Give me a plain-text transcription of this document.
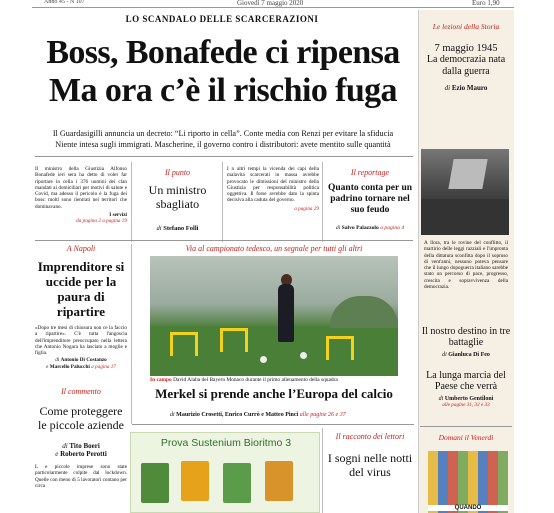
Anno 45 - N 107	Giovedì 7 maggio 2020	Euro 1,90
LO SCANDALO DELLE SCARCERAZIONI
Boss, Bonafede ci ripensa
Ma ora c’è il rischio fuga
Il Guardasigilli annuncia un decreto: “Li riporto in cella”. Conte media con Renzi per evitare la sfiducia
Niente intesa sugli immigrati. Mascherine, il governo contro i distributori: avete mentito sulle quantità
Il ministro della Giustizia Alfonso Bonafede ieri sera ha detto di voler far riportare in cella i 376 uomini dei clan mandati ai domiciliari per motivi di salute e Covid, ma adesso il pericolo è la fuga dei boss: molti sono rientrati nei territori che dominavano.
I servizi
da pagina 2 a pagina 19
Il punto
Un ministro sbagliato
di Stefano Folli
I n altri tempi la vicenda dei capi della malavita scarcerati in massa avrebbe provocato le dimissioni del ministro della Giustizia per responsabilità politica oggettiva. Il forse avrebbe dato la spinta decisiva alla caduta del governo.
a pagina 29
Il reportage
Quanto conta per un padrino tornare nel suo feudo
di Salvo Palazzolo a pagina 4
A Napoli
Imprenditore si uccide per la paura di ripartire
«Dopo tre mesi di chiusura non ce la faccio a ripartire». C'è tutta l'angoscia dell'imprenditore preoccupato nella lettera che Antonio Nogara ha lasciato a moglie e figlia.
di Antonio Di Costanzo
e Marcello Palucchi a pagina 17
Il commento
Come proteggere le piccole aziende
di Tito Boeri
e Roberto Perotti
L e piccole imprese sono state particolarmente colpite dal lockdown. Quelle con meno di 5 lavoratori contano per circa
Via al campionato tedesco, un segnale per tutti gli altri
In campo David Alaba del Bayern Monaco durante il primo allenamento della squadra
Merkel si prende anche l’Europa del calcio
di Maurizio Crosetti, Enrico Currò e Matteo Pinci alle pagine 26 e 37
Prova Sustenium Bioritmo 3
Il racconto dei lettori
I sogni nelle notti del virus
Le lezioni della Storia
7 maggio 1945
La democrazia nata dalla guerra
di Ezio Mauro
A llora, tra le rovine del conflitto, il martirio delle leggi razziali e l'impronta della dittatura sconfitta dopo il sopruso di vent'anni, nessuno poteva pensare che il lungo dopoguerra italiano sarebbe stato un percorso di pace, progresso, crescita e sopravvivenza della democrazia.
Il nostro destino in tre battaglie
di Gianluca Di Feo
La lunga marcia del Paese che verrà
di Umberto Gentiloni
alle pagine 31, 32 e 33
Domani il Venerdì
QUANDO
